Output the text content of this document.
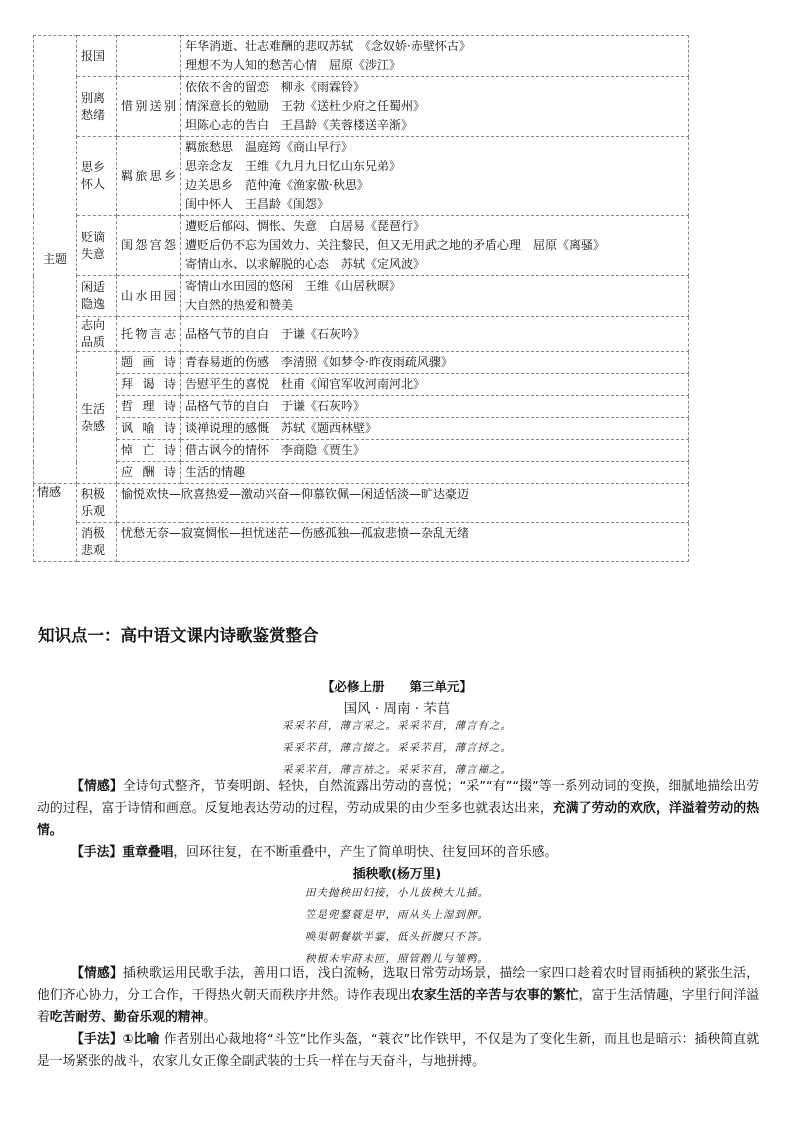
主题	报国		年华消逝、壮志难酬的悲叹苏轼　《念奴娇·赤壁怀古》
理想不为人知的愁苦心情　屈原《涉江》

	别离愁绪	惜别送别	依依不舍的留恋　柳永《雨霖铃》
情深意长的勉励　王勃《送杜少府之任蜀州》
坦陈心志的告白　王昌龄《芙蓉楼送辛渐》

	思乡怀人	羁旅思乡	羁旅愁思　温庭筠《商山早行》
思亲念友　王维《九月九日忆山东兄弟》
边关思乡　范仲淹《渔家傲·秋思》
闺中怀人　王昌龄《闺怨》

	贬谪失意	闺怨宫怨	遭贬后郁闷、惆怅、失意　白居易《琵琶行》
遭贬后仍不忘为国效力、关注黎民，但又无用武之地的矛盾心理　屈原《离骚》
寄情山水、以求解脱的心态　苏轼《定风波》

	闲适隐逸	山水田园	寄情山水田园的悠闲　王维《山居秋暝》
大自然的热爱和赞美

	志向品质	托物言志	品格气节的自白　于谦《石灰吟》

	生活杂感	题画诗	青春易逝的伤感　李清照《如梦令·昨夜雨疏风骤》

		拜谒诗	告慰平生的喜悦　杜甫《闻官军收河南河北》

		哲理诗	品格气节的自白　于谦《石灰吟》

		讽喻诗	谈禅说理的感慨　苏轼《题西林壁》

		悼亡诗	借古讽今的情怀　李商隐《贾生》

		应酬诗	生活的情趣

情感	积极乐观	愉悦欢快—欣喜热爱—激动兴奋—仰慕钦佩—闲适恬淡—旷达豪迈	

	消极悲观	忧愁无奈—寂寞惆怅—担忧迷茫—伤感孤独—孤寂悲愤—杂乱无绪	
知识点一：高中语文课内诗歌鉴赏整合

【必修上册　　第三单元】

国风 · 周南 · 芣苢

采采芣苢，薄言采之。采采芣苢，薄言有之。

采采芣苢，薄言掇之。采采芣苢，薄言捋之。

采采芣苢，薄言袺之。采采芣苢，薄言襭之。

【情感】全诗句式整齐，节奏明朗、轻快，自然流露出劳动的喜悦；“采”“有”“掇”等一系列动词的变换，细腻地描绘出劳动的过程，富于诗情和画意。反复地表达劳动的过程，劳动成果的由少至多也就表达出来，充满了劳动的欢欣，洋溢着劳动的热情。

【手法】重章叠唱，回环往复，在不断重叠中，产生了简单明快、往复回环的音乐感。

插秧歌(杨万里)

田夫抛秧田妇接，小儿拔秧大儿插。

笠是兜鍪蓑是甲，雨从头上湿到胛。

唤渠朝餐歇半霎，低头折腰只不答。

秧根未牢莳未匝，照管鹅儿与雏鸭。

【情感】插秧歌运用民歌手法，善用口语，浅白流畅，选取日常劳动场景，描绘一家四口趁着农时冒雨插秧的紧张生活，他们齐心协力，分工合作，干得热火朝天而秩序井然。诗作表现出农家生活的辛苦与农事的繁忙，富于生活情趣，字里行间洋溢着吃苦耐劳、勤奋乐观的精神。

【手法】①比喻 作者别出心裁地将“斗笠”比作头盔，“蓑衣”比作铁甲，不仅是为了变化生新，而且也是暗示：插秧简直就是一场紧张的战斗，农家儿女正像全副武装的士兵一样在与天奋斗，与地拼搏。
